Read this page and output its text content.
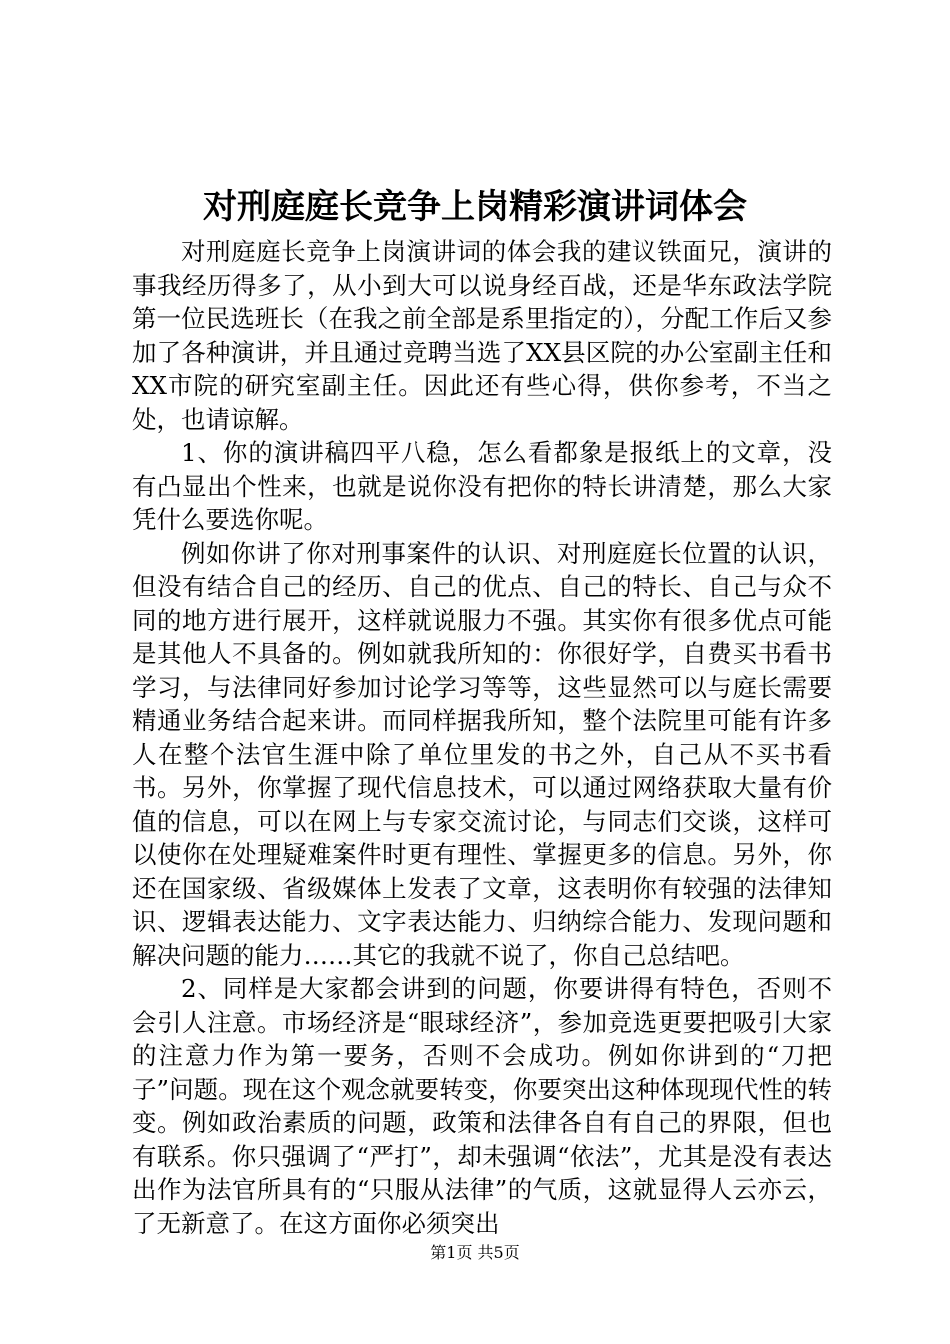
对刑庭庭长竞争上岗精彩演讲词体会

对刑庭庭长竞争上岗演讲词的体会我的建议铁面兄，演讲的事我经历得多了，从小到大可以说身经百战，还是华东政法学院第一位民选班长（在我之前全部是系里指定的），分配工作后又参加了各种演讲，并且通过竞聘当选了XX县区院的办公室副主任和XX市院的研究室副主任。因此还有些心得，供你参考，不当之处，也请谅解。

1、你的演讲稿四平八稳，怎么看都象是报纸上的文章，没有凸显出个性来，也就是说你没有把你的特长讲清楚，那么大家凭什么要选你呢。

例如你讲了你对刑事案件的认识、对刑庭庭长位置的认识，但没有结合自己的经历、自己的优点、自己的特长、自己与众不同的地方进行展开，这样就说服力不强。其实你有很多优点可能是其他人不具备的。例如就我所知的：你很好学，自费买书看书学习，与法律同好参加讨论学习等等，这些显然可以与庭长需要精通业务结合起来讲。而同样据我所知，整个法院里可能有许多人在整个法官生涯中除了单位里发的书之外，自己从不买书看书。另外，你掌握了现代信息技术，可以通过网络获取大量有价值的信息，可以在网上与专家交流讨论，与同志们交谈，这样可以使你在处理疑难案件时更有理性、掌握更多的信息。另外，你还在国家级、省级媒体上发表了文章，这表明你有较强的法律知识、逻辑表达能力、文字表达能力、归纳综合能力、发现问题和解决问题的能力……其它的我就不说了，你自己总结吧。

2、同样是大家都会讲到的问题，你要讲得有特色，否则不会引人注意。市场经济是“眼球经济”，参加竞选更要把吸引大家的注意力作为第一要务，否则不会成功。例如你讲到的“刀把子”问题。现在这个观念就要转变，你要突出这种体现现代性的转变。例如政治素质的问题，政策和法律各自有自己的界限，但也有联系。你只强调了“严打”，却未强调“依法”，尤其是没有表达出作为法官所具有的“只服从法律”的气质，这就显得人云亦云，了无新意了。在这方面你必须突出

第1页 共5页
